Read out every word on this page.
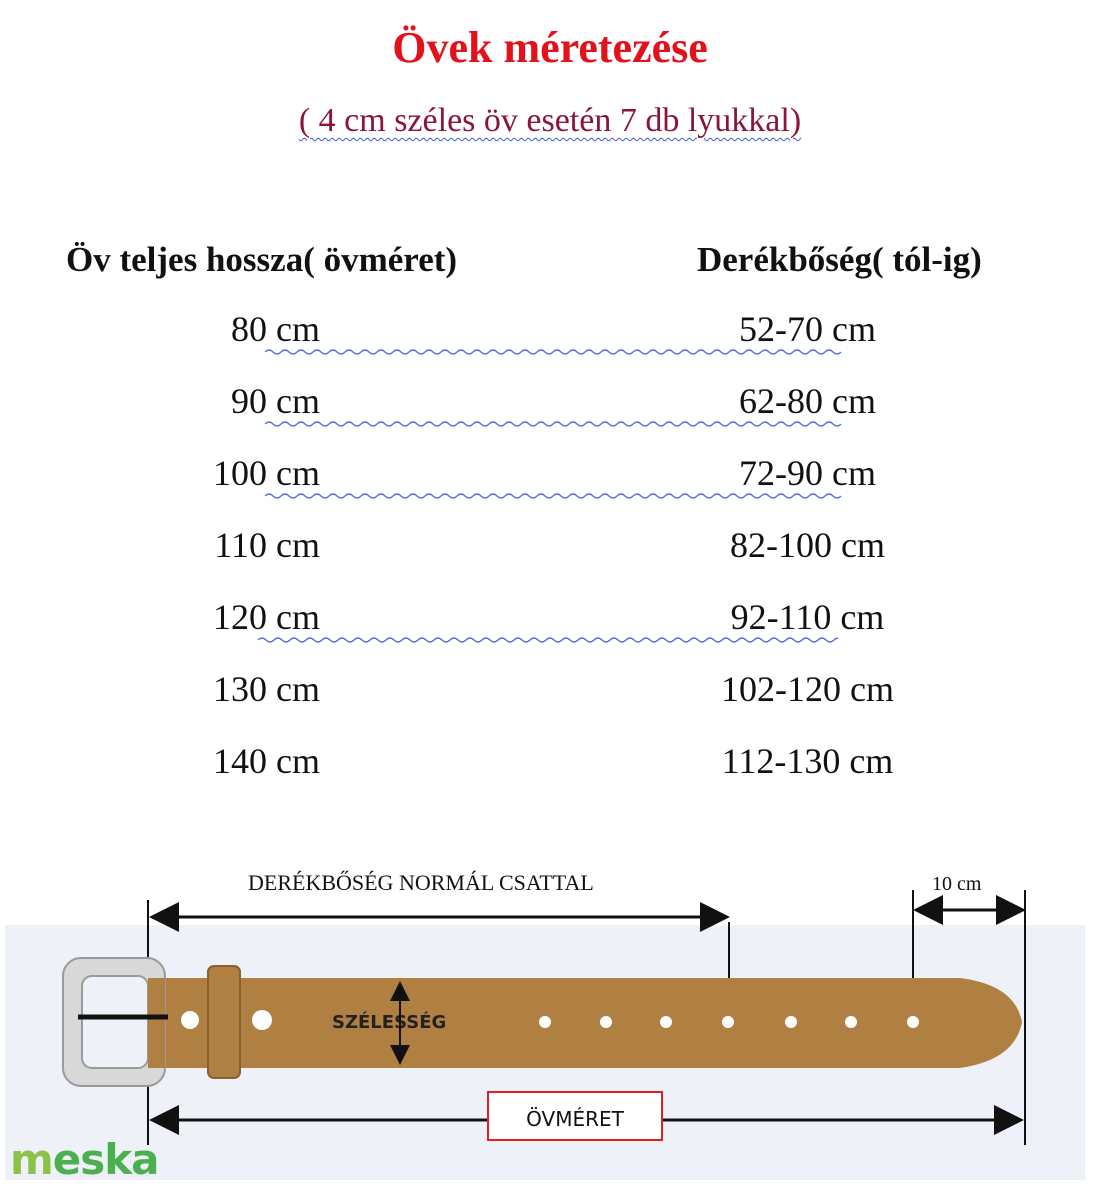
Övek méretezése
( 4 cm széles öv esetén 7 db lyukkal)
Öv teljes hossza( övméret)	Derékbőség( tól-ig)
80 cm	52-70 cm
90 cm	62-80 cm
100 cm	72-90 cm
110 cm	82-100 cm
120 cm	92-110 cm
130 cm	102-120 cm
140 cm	112-130 cm
DERÉKBŐSÉG NORMÁL CSATTAL	10 cm
SZÉLESSÉG
ÖVMÉRET
meska
